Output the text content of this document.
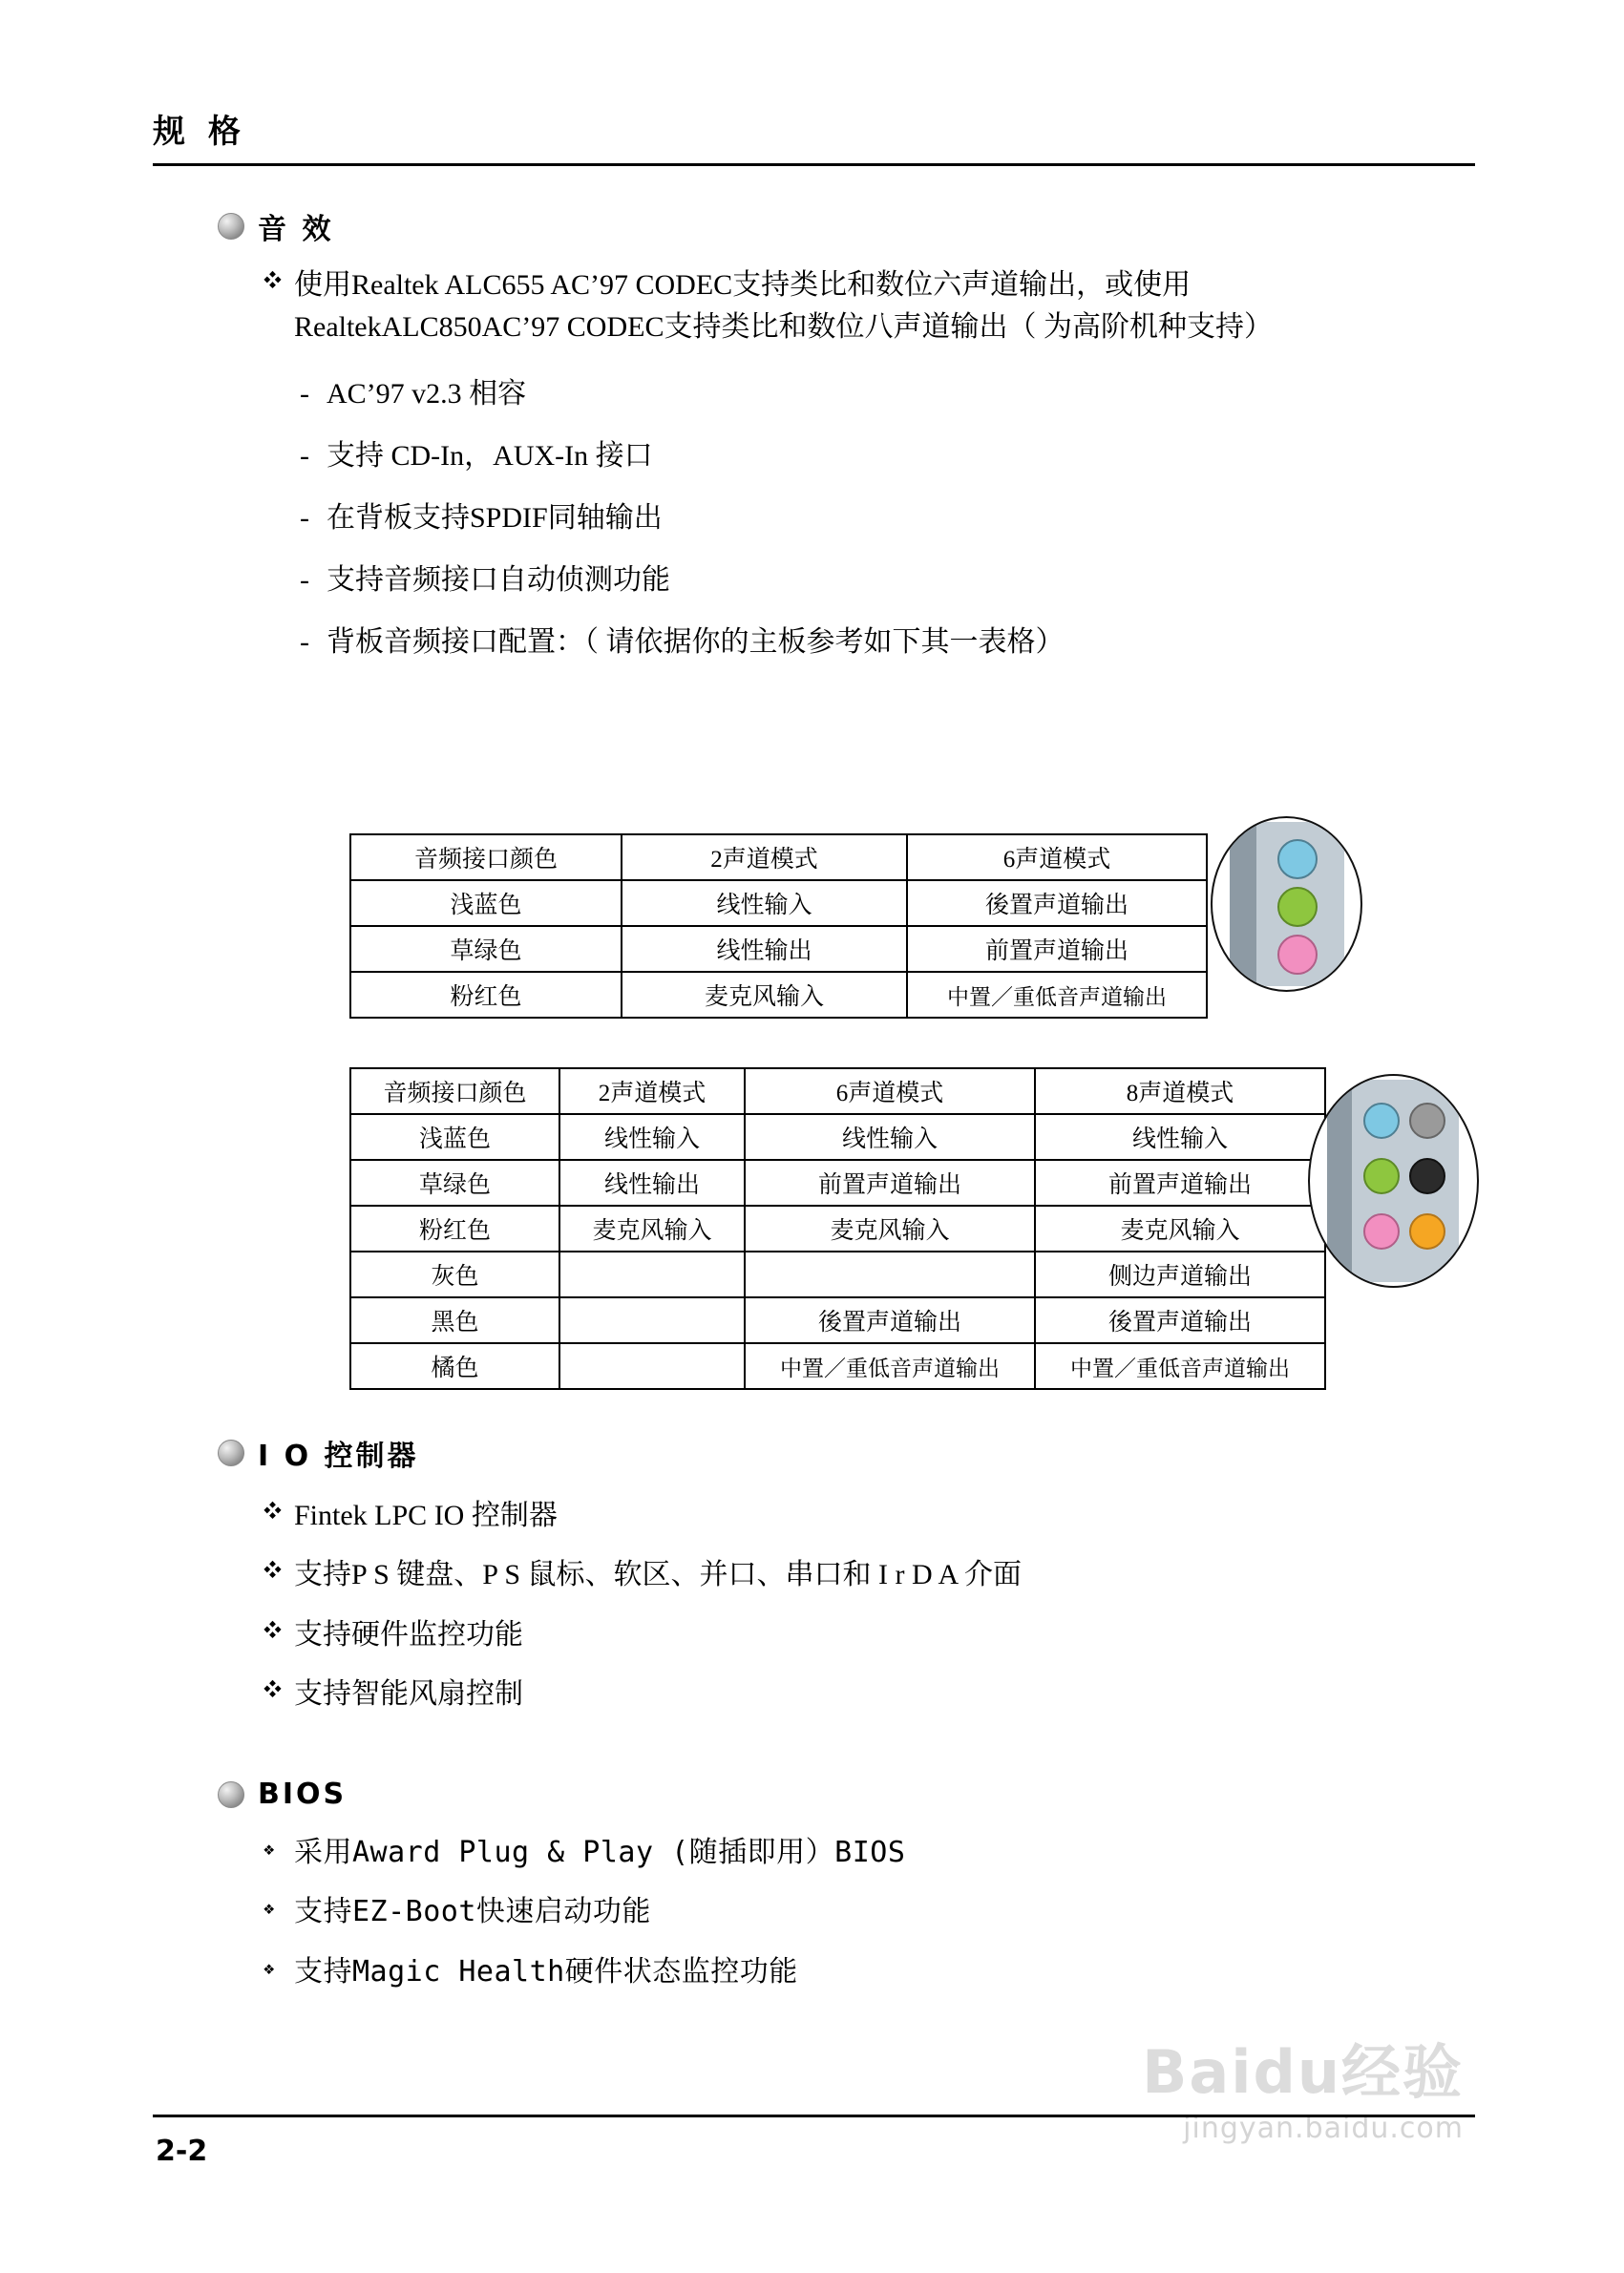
规 格
音 效
❖ 使用Realtek ALC655 AC’97 CODEC支持类比和数位六声道输出，或使用RealtekALC850AC’97 CODEC支持类比和数位八声道输出（ 为高阶机种支持）
- AC’97 v2.3 相容
- 支持 CD-In，AUX-In 接口
- 在背板支持SPDIF同轴输出
- 支持音频接口自动侦测功能
- 背板音频接口配置：（ 请依据你的主板参考如下其一表格）
音频接口颜色	2声道模式	6声道模式
浅蓝色	线性输入	後置声道输出
草绿色	线性输出	前置声道输出
粉红色	麦克风输入	中置／重低音声道输出
音频接口颜色	2声道模式	6声道模式	8声道模式
浅蓝色	线性输入	线性输入	线性输入
草绿色	线性输出	前置声道输出	前置声道输出
粉红色	麦克风输入	麦克风输入	麦克风输入
灰色			侧边声道输出
黑色		後置声道输出	後置声道输出
橘色		中置／重低音声道输出	中置／重低音声道输出
I O 控制器
❖ Fintek LPC IO 控制器
❖ 支持P S 键盘、P S 鼠标、软区、并口、串口和 I r D A 介面
❖ 支持硬件监控功能
❖ 支持智能风扇控制
BIOS
❖ 采用Award Plug & Play (随插即用）BIOS
❖ 支持EZ-Boot快速启动功能
❖ 支持Magic Health硬件状态监控功能
Baidu经验
jingyan.baidu.com
2-2
